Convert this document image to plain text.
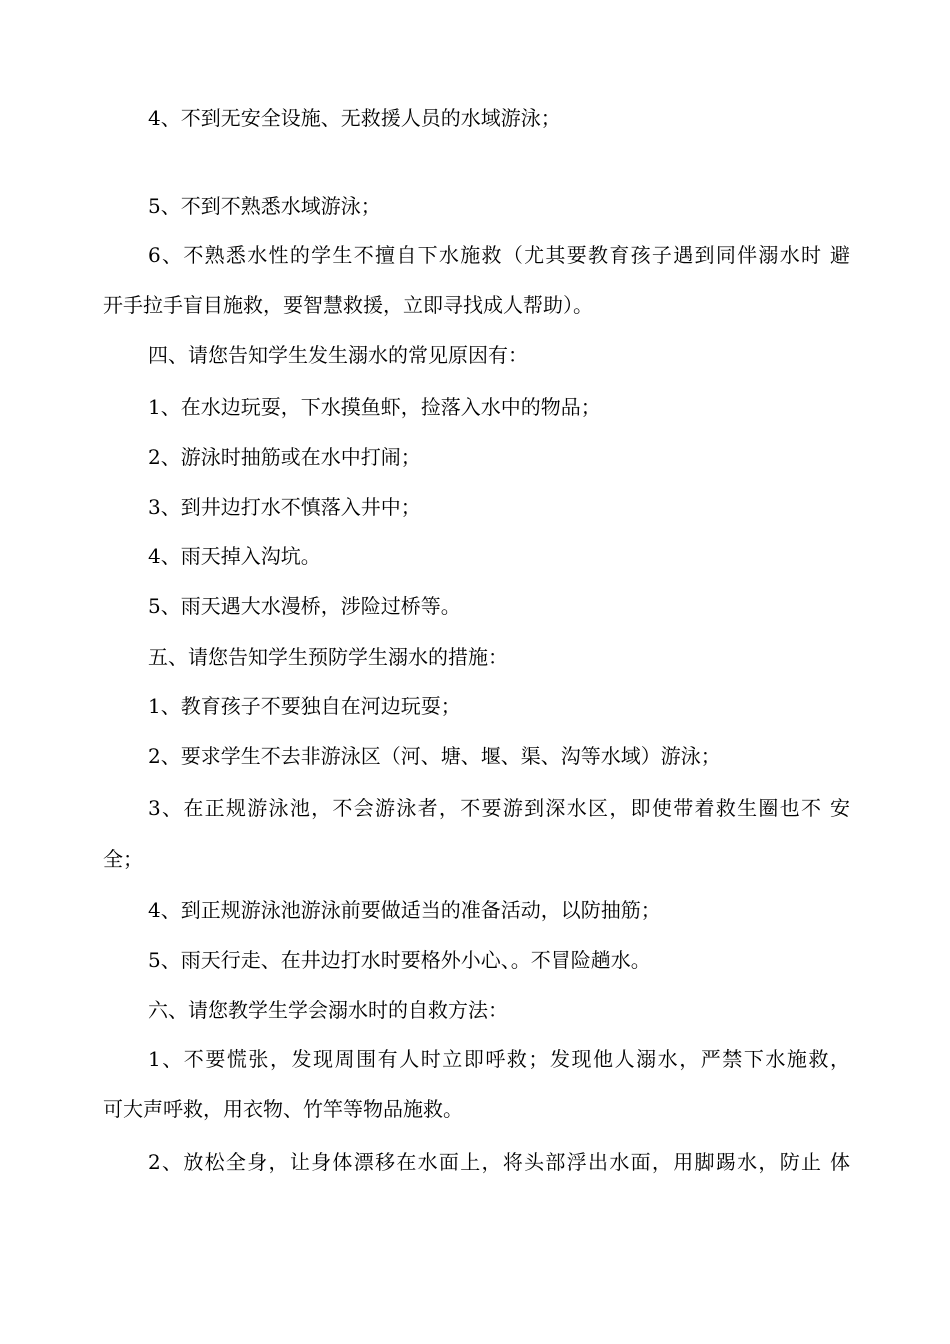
4、不到无安全设施、无救援人员的水域游泳；
5、不到不熟悉水域游泳；
6、不熟悉水性的学生不擅自下水施救（尤其要教育孩子遇到同伴溺水时 避
开手拉手盲目施救，要智慧救援，立即寻找成人帮助）。
四、请您告知学生发生溺水的常见原因有：
1、在水边玩耍，下水摸鱼虾，捡落入水中的物品；
2、游泳时抽筋或在水中打闹；
3、到井边打水不慎落入井中；
4、雨天掉入沟坑。
5、雨天遇大水漫桥，涉险过桥等。
五、请您告知学生预防学生溺水的措施：
1、教育孩子不要独自在河边玩耍；
2、要求学生不去非游泳区（河、塘、堰、渠、沟等水域）游泳；
3、在正规游泳池，不会游泳者，不要游到深水区，即使带着救生圈也不 安
全；
4、到正规游泳池游泳前要做适当的准备活动，以防抽筋；
5、雨天行走、在井边打水时要格外小心、。不冒险趟水。
六、请您教学生学会溺水时的自救方法：
1、不要慌张，发现周围有人时立即呼救；发现他人溺水，严禁下水施救，
可大声呼救，用衣物、竹竿等物品施救。
2、放松全身，让身体漂移在水面上，将头部浮出水面，用脚踢水，防止 体
